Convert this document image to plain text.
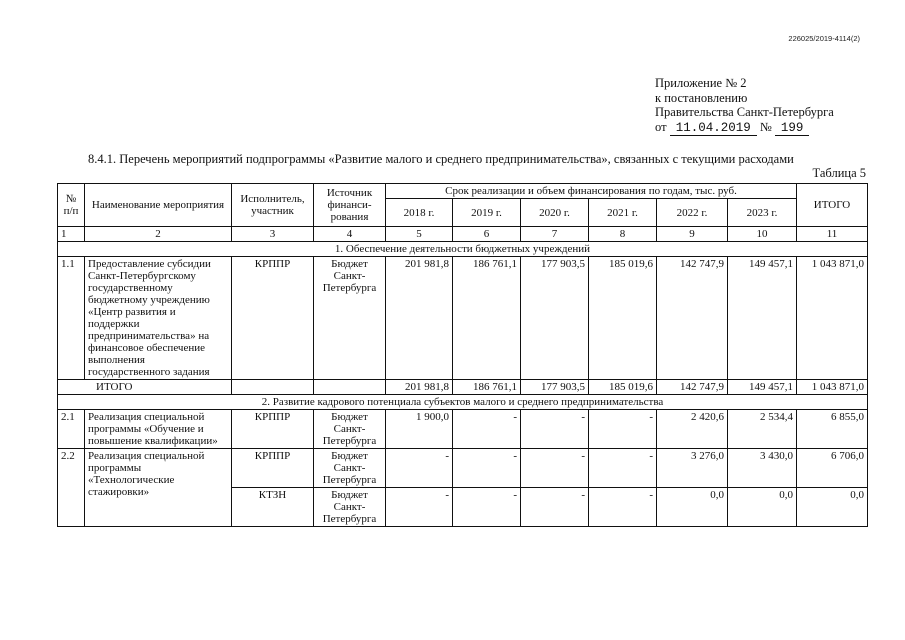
226025/2019-4114(2)
Приложение № 2
к постановлению
Правительства Санкт-Петербурга
от 11.04.2019 № 199
8.4.1. Перечень мероприятий подпрограммы «Развитие малого и среднего предпринимательства», связанных с текущими расходами
Таблица 5
№ п/п	Наименование мероприятия	Исполнитель, участник	Источник финанси-рования	Срок реализации и объем финансирования по годам, тыс. руб.						ИТОГО
				2018 г.	2019 г.	2020 г.	2021 г.	2022 г.	2023 г.	
1	2	3	4	5	6	7	8	9	10	11
1. Обеспечение деятельности бюджетных учреждений										
1.1	Предоставление субсидии Санкт-Петербургскому государственному бюджетному учреждению «Центр развития и поддержки предпринимательства» на финансовое обеспечение выполнения государственного задания	КРППР	Бюджет Санкт-Петербурга	201 981,8	186 761,1	177 903,5	185 019,6	142 747,9	149 457,1	1 043 871,0
ИТОГО				201 981,8	186 761,1	177 903,5	185 019,6	142 747,9	149 457,1	1 043 871,0
2. Развитие кадрового потенциала субъектов малого и среднего предпринимательства										
2.1	Реализация специальной программы «Обучение и повышение квалификации»	КРППР	Бюджет Санкт-Петербурга	1 900,0	-	-	-	2 420,6	2 534,4	6 855,0
2.2	Реализация специальной программы «Технологические стажировки»	КРППР	Бюджет Санкт-Петербурга	-	-	-	-	3 276,0	3 430,0	6 706,0
		КТЗН	Бюджет Санкт-Петербурга	-	-	-	-	0,0	0,0	0,0
